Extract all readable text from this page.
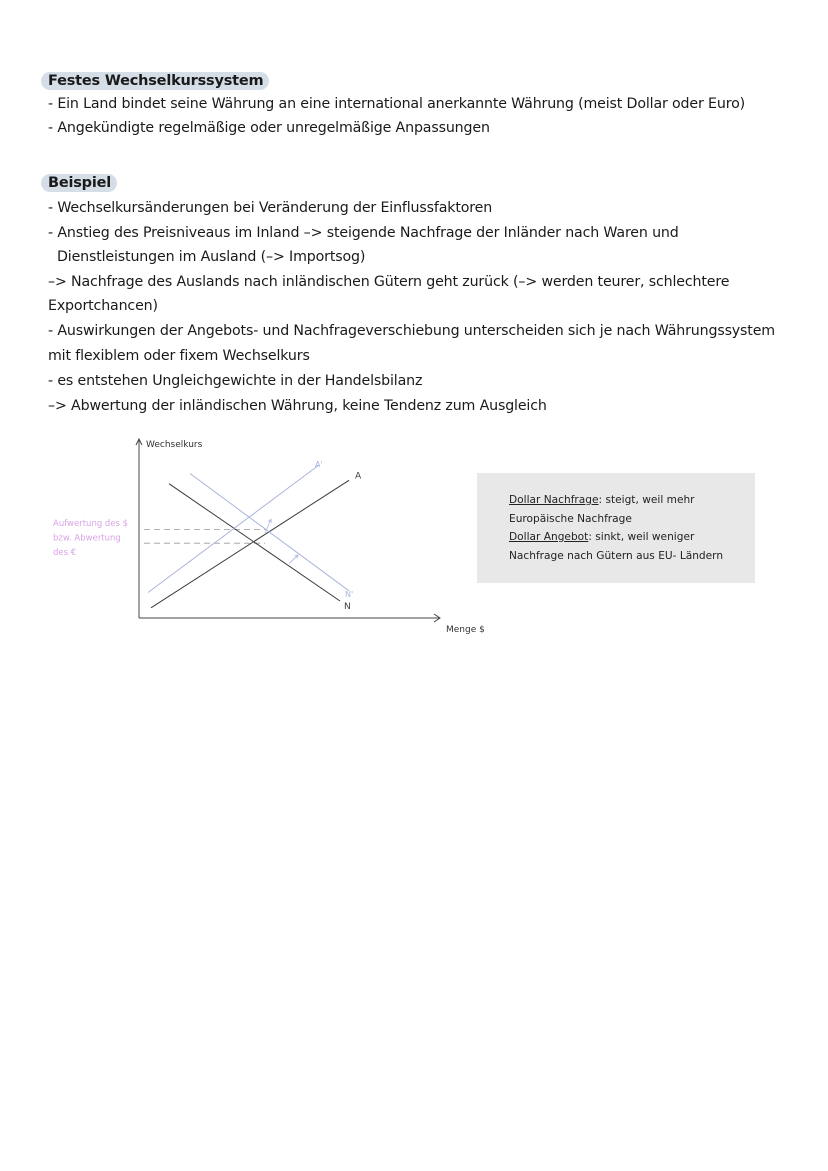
Festes Wechselkurssystem
- Ein Land bindet seine Währung an eine international anerkannte Währung (meist Dollar oder Euro)
- Angekündigte regelmäßige oder unregelmäßige Anpassungen
Beispiel
- Wechselkursänderungen bei Veränderung der Einflussfaktoren
- Anstieg des Preisniveaus im Inland –> steigende Nachfrage der Inländer nach Waren und
Dienstleistungen im Ausland (–> Importsog)
–> Nachfrage des Auslands nach inländischen Gütern geht zurück (–> werden teurer, schlechtere
Exportchancen)
- Auswirkungen der Angebots- und Nachfrageverschiebung unterscheiden sich je nach Währungssystem
mit flexiblem oder fixem Wechselkurs
- es entstehen Ungleichgewichte in der Handelsbilanz
–> Abwertung der inländischen Währung, keine Tendenz zum Ausgleich
Wechselkurs
Menge $
A
N
A'
N'
Aufwertung des $
bzw. Abwertung
des €
Dollar Nachfrage: steigt, weil mehr
Europäische Nachfrage
Dollar Angebot: sinkt, weil weniger
Nachfrage nach Gütern aus EU- Ländern
